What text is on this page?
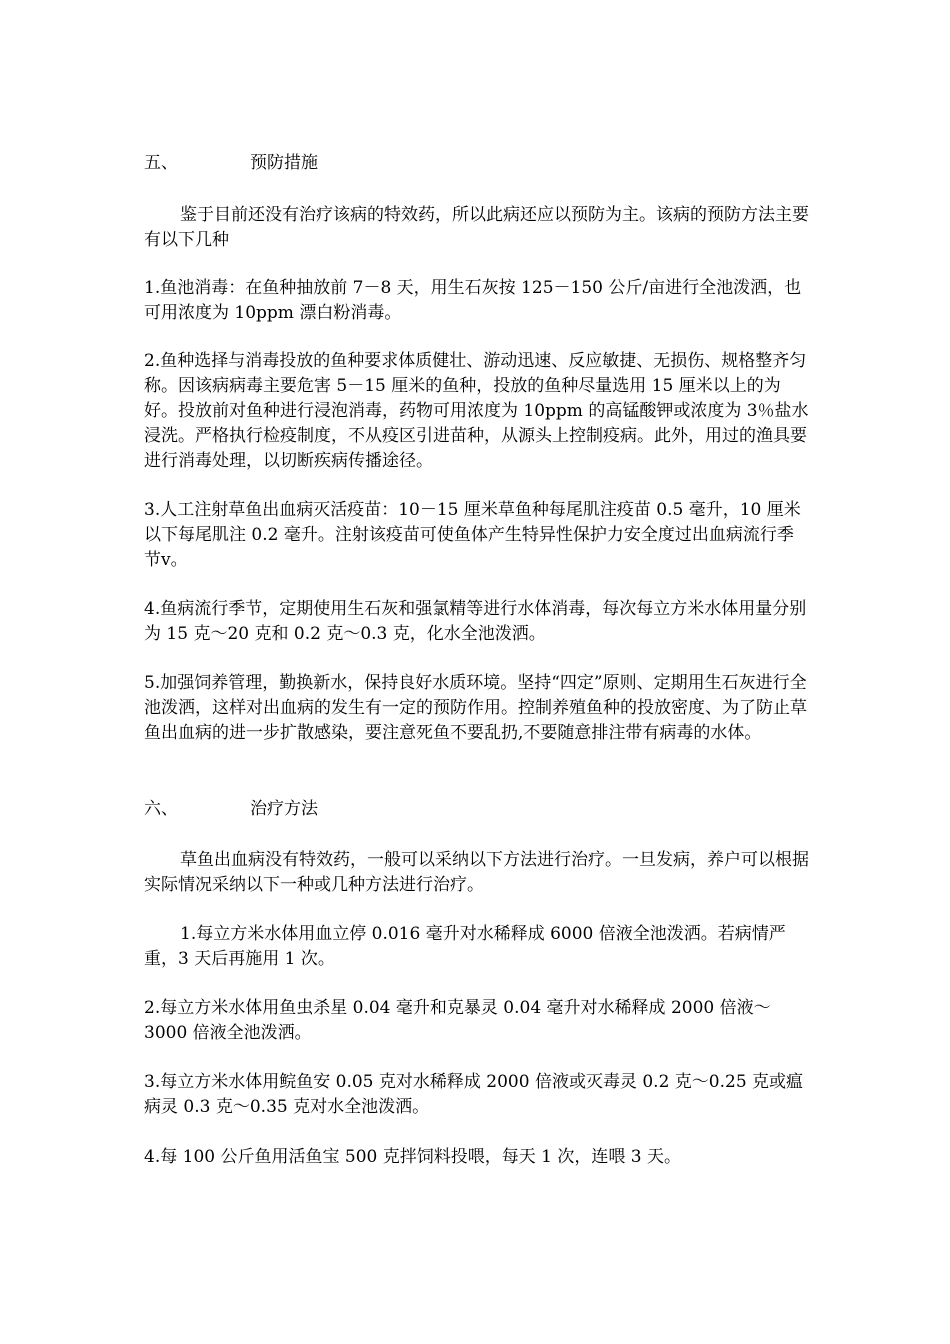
五、	预防措施

鉴于目前还没有治疗该病的特效药，所以此病还应以预防为主。该病的预防方法主要有以下几种

1.鱼池消毒：在鱼种抽放前 7－8 天，用生石灰按 125－150 公斤/亩进行全池泼洒，也可用浓度为 10ppm 漂白粉消毒。

2.鱼种选择与消毒投放的鱼种要求体质健壮、游动迅速、反应敏捷、无损伤、规格整齐匀称。因该病病毒主要危害 5－15 厘米的鱼种，投放的鱼种尽量选用 15 厘米以上的为好。投放前对鱼种进行浸泡消毒，药物可用浓度为 10ppm 的高锰酸钾或浓度为 3％盐水浸洗。严格执行检疫制度，不从疫区引进苗种，从源头上控制疫病。此外，用过的渔具要进行消毒处理，以切断疾病传播途径。

3.人工注射草鱼出血病灭活疫苗：10－15 厘米草鱼种每尾肌注疫苗 0.5 毫升，10 厘米以下每尾肌注 0.2 毫升。注射该疫苗可使鱼体产生特异性保护力安全度过出血病流行季节v。

4.鱼病流行季节，定期使用生石灰和强氯精等进行水体消毒，每次每立方米水体用量分别为 15 克～20 克和 0.2 克～0.3 克，化水全池泼洒。

5.加强饲养管理，勤换新水，保持良好水质环境。坚持“四定”原则、定期用生石灰进行全池泼洒，这样对出血病的发生有一定的预防作用。控制养殖鱼种的投放密度、为了防止草鱼出血病的进一步扩散感染，要注意死鱼不要乱扔,不要随意排注带有病毒的水体。

六、	治疗方法

草鱼出血病没有特效药，一般可以采纳以下方法进行治疗。一旦发病，养户可以根据实际情况采纳以下一种或几种方法进行治疗。

1.每立方米水体用血立停 0.016 毫升对水稀释成 6000 倍液全池泼洒。若病情严重，3 天后再施用 1 次。

2.每立方米水体用鱼虫杀星 0.04 毫升和克暴灵 0.04 毫升对水稀释成 2000 倍液～3000 倍液全池泼洒。

3.每立方米水体用鲩鱼安 0.05 克对水稀释成 2000 倍液或灭毒灵 0.2 克～0.25 克或瘟病灵 0.3 克～0.35 克对水全池泼洒。

4.每 100 公斤鱼用活鱼宝 500 克拌饲料投喂，每天 1 次，连喂 3 天。
